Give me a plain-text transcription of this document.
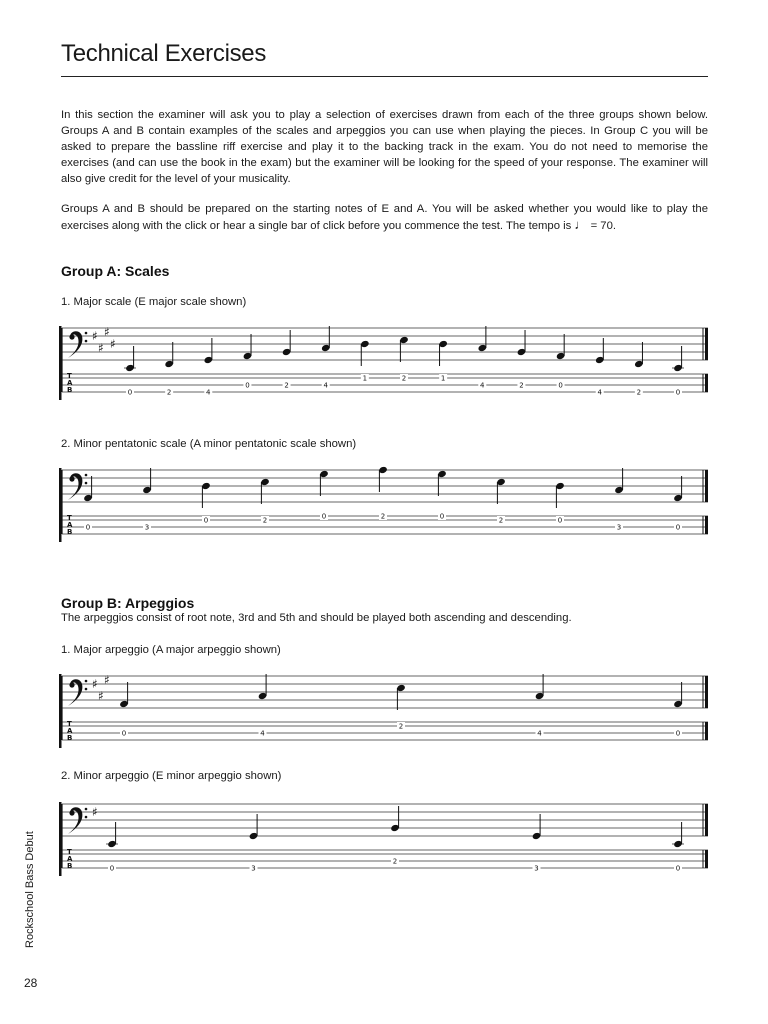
Technical Exercises

In this section the examiner will ask you to play a selection of exercises drawn from each of the three groups shown below. Groups A and B contain examples of the scales and arpeggios you can use when playing the pieces. In Group C you will be asked to prepare the bassline riff exercise and play it to the backing track in the exam. You do not need to memorise the exercises (and can use the book in the exam) but the examiner will be looking for the speed of your response. The examiner will also give credit for the level of your musicality.

Groups A and B should be prepared on the starting notes of E and A. You will be asked whether you would like to play the exercises along with the click or hear a single bar of click before you commence the test. The tempo is ♩ = 70.

Group A: Scales

1. Major scale (E major scale shown)

♯
♯
♯
♯
T
A
B	0	2	4
0	2	4
1	2	1
4	2	0
4	2	0

2. Minor pentatonic scale (A minor pentatonic scale shown)

T
A
B
0	3
0	2	0	2	0	2	0
3	0
Group B: Arpeggios

The arpeggios consist of root note, 3rd and 5th and should be played both ascending and descending.

1. Major arpeggio (A major arpeggio shown)

♯
♯
♯
T
A
B
0	4
2
4	0

2. Minor arpeggio (E minor arpeggio shown)

♯
T
A
B	0	3
2
3	0
Rockschool Bass Debut
28
